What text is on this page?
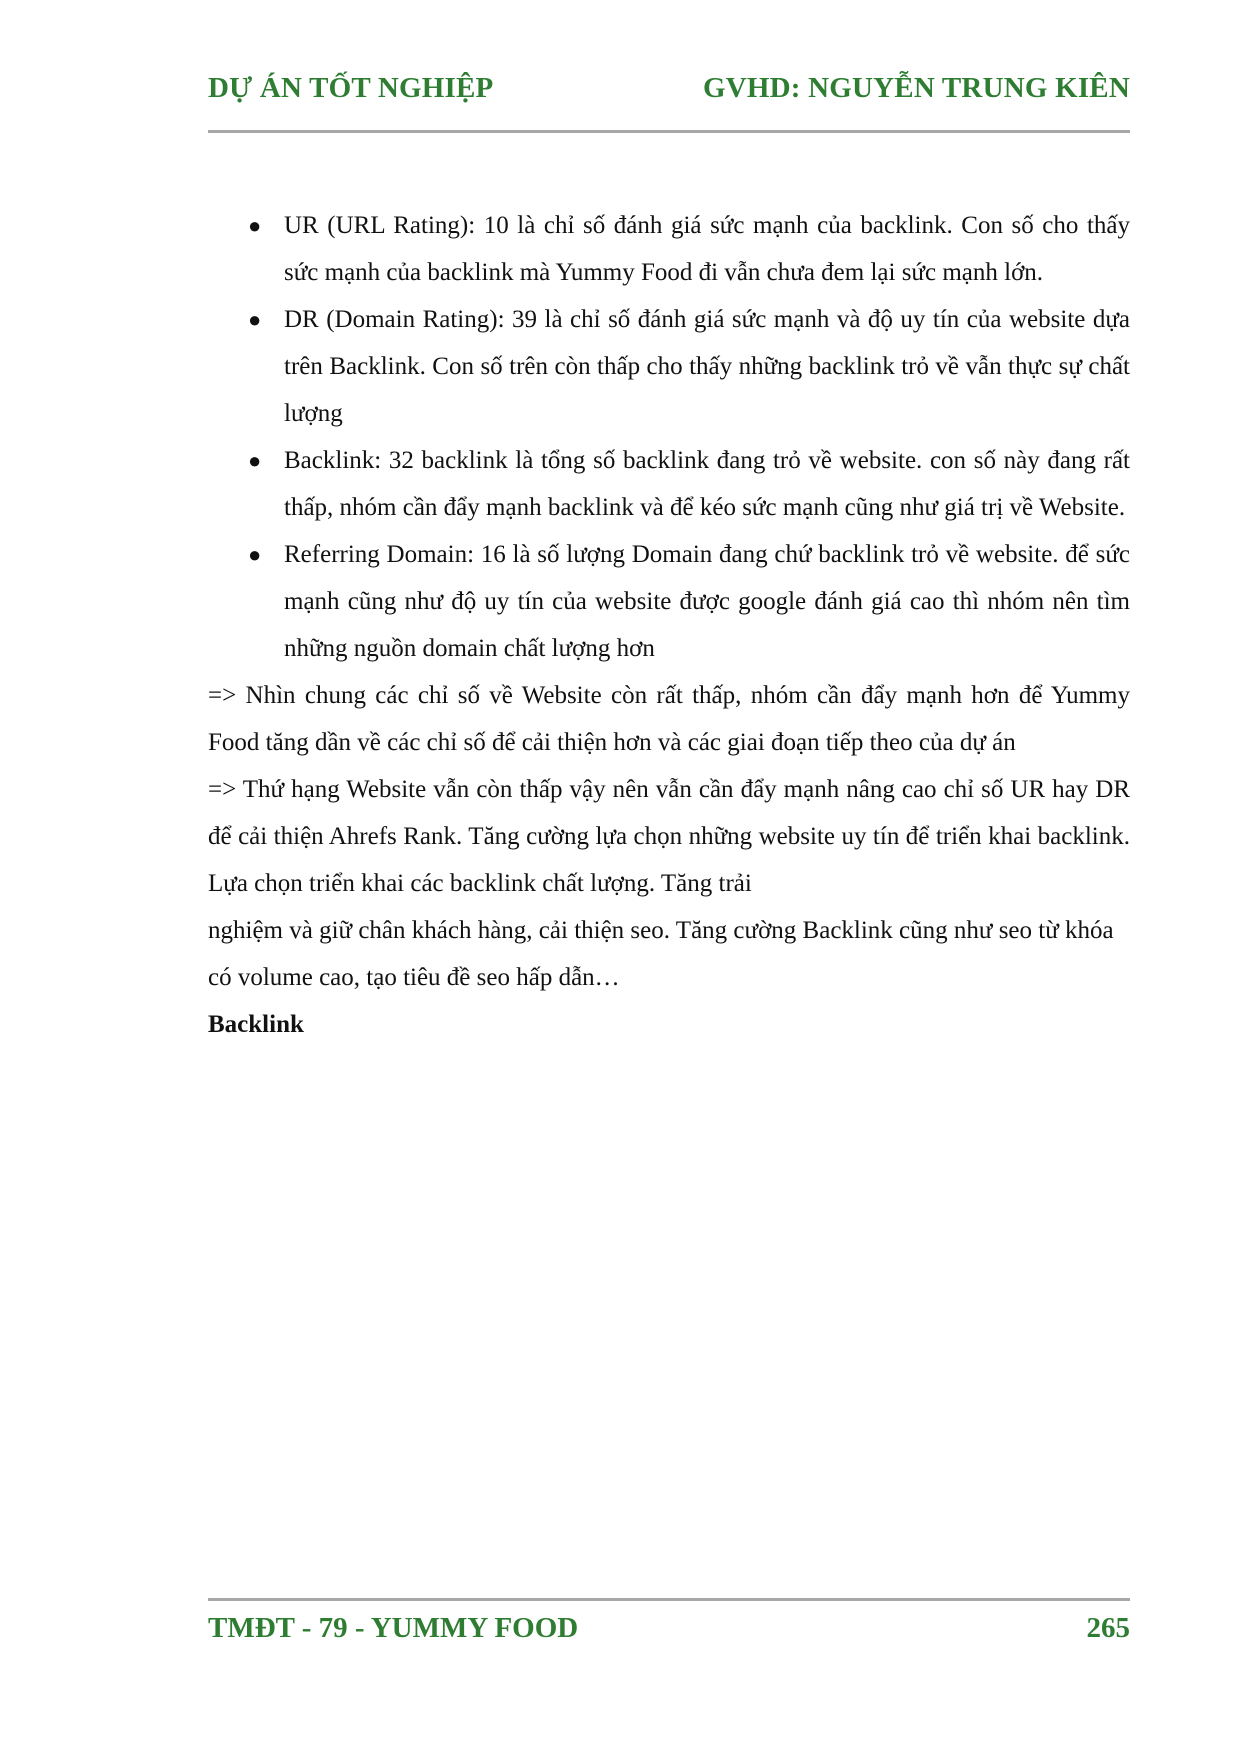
DỰ ÁN TỐT NGHIỆP	GVHD: NGUYỄN TRUNG KIÊN
● UR (URL Rating): 10 là chỉ số đánh giá sức mạnh của backlink. Con số cho thấy sức mạnh của backlink mà Yummy Food đi vẫn chưa đem lại sức mạnh lớn.
● DR (Domain Rating): 39 là chỉ số đánh giá sức mạnh và độ uy tín của website dựa trên Backlink. Con số trên còn thấp cho thấy những backlink trỏ về vẫn thực sự chất lượng
● Backlink: 32 backlink là tổng số backlink đang trỏ về website. con số này đang rất thấp, nhóm cần đẩy mạnh backlink và để kéo sức mạnh cũng như giá trị về Website.
● Referring Domain: 16 là số lượng Domain đang chứ backlink trỏ về website. để sức mạnh cũng như độ uy tín của website được google đánh giá cao thì nhóm nên tìm những nguồn domain chất lượng hơn

=> Nhìn chung các chỉ số về Website còn rất thấp, nhóm cần đẩy mạnh hơn để Yummy Food tăng dần về các chỉ số để cải thiện hơn và các giai đoạn tiếp theo của dự án

=> Thứ hạng Website vẫn còn thấp vậy nên vẫn cần đẩy mạnh nâng cao chỉ số UR hay DR để cải thiện Ahrefs Rank. Tăng cường lựa chọn những website uy tín để triển khai backlink. Lựa chọn triển khai các backlink chất lượng. Tăng trải

nghiệm và giữ chân khách hàng, cải thiện seo. Tăng cường Backlink cũng như seo từ khóa có volume cao, tạo tiêu đề seo hấp dẫn…

Backlink

TMĐT - 79 - YUMMY FOOD	265
